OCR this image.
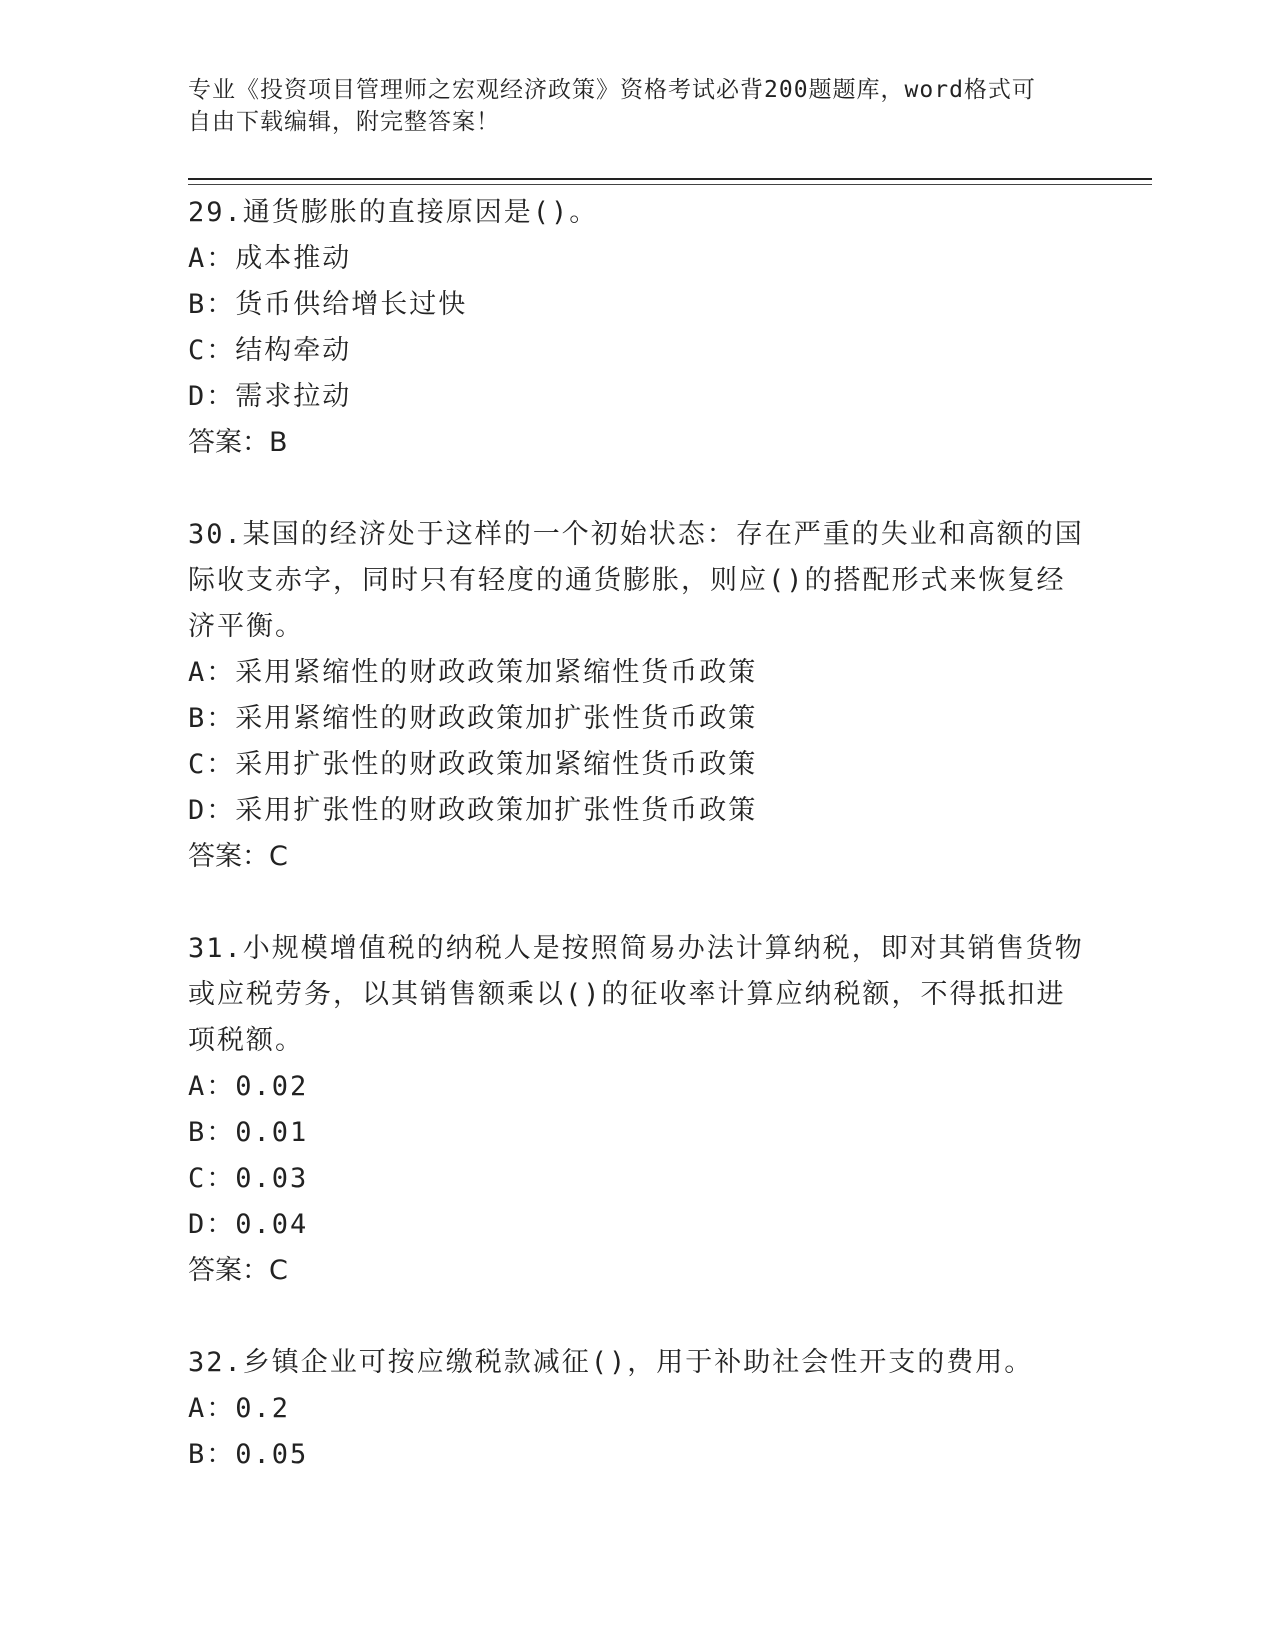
专业《投资项目管理师之宏观经济政策》资格考试必背200题题库，word格式可

自由下载编辑，附完整答案！

29.通货膨胀的直接原因是()。

A：成本推动

B：货币供给增长过快

C：结构牵动

D：需求拉动

答案：B

30.某国的经济处于这样的一个初始状态：存在严重的失业和高额的国

际收支赤字，同时只有轻度的通货膨胀，则应()的搭配形式来恢复经

济平衡。

A：采用紧缩性的财政政策加紧缩性货币政策

B：采用紧缩性的财政政策加扩张性货币政策

C：采用扩张性的财政政策加紧缩性货币政策

D：采用扩张性的财政政策加扩张性货币政策

答案：C

31.小规模增值税的纳税人是按照简易办法计算纳税，即对其销售货物

或应税劳务，以其销售额乘以()的征收率计算应纳税额，不得抵扣进

项税额。

A：0.02

B：0.01

C：0.03

D：0.04

答案：C

32.乡镇企业可按应缴税款减征()，用于补助社会性开支的费用。

A：0.2

B：0.05
